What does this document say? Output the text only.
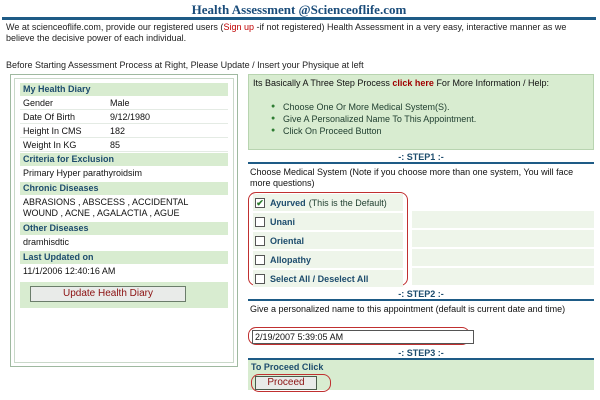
Health Assessment @Scienceoflife.com
We at scienceoflife.com, provide our registered users (Sign up -if not registered) Health Assessment in a very easy, interactive manner as we believe the decisive power of each individual.
Before Starting Assessment Process at Right, Please Update / Insert your Physique at left
My Health Diary
Gender	Male
Date Of Birth	9/12/1980
Height In CMS	182
Weight In KG	85
Criteria for Exclusion
Primary Hyper parathyroidsim
Chronic Diseases
ABRASIONS , ABSCESS , ACCIDENTAL WOUND , ACNE , AGALACTIA , AGUE
Other Diseases
dramhisdtic
Last Updated on
11/1/2006 12:40:16 AM
Update Health Diary
Its Basically A Three Step Process click here For More Information / Help:
● Choose One Or More Medical System(S).
● Give A Personalized Name To This Appointment.
● Click On Proceed Button
-: STEP1 :-
Choose Medical System (Note if you choose more than one system, You will face more questions)
✔ Ayurved (This is the Default)
Unani
Oriental
Allopathy
Select All / Deselect All
-: STEP2 :-
Give a personalized name to this appointment (default is current date and time)
2/19/2007 5:39:05 AM
-: STEP3 :-
To Proceed Click
Proceed
